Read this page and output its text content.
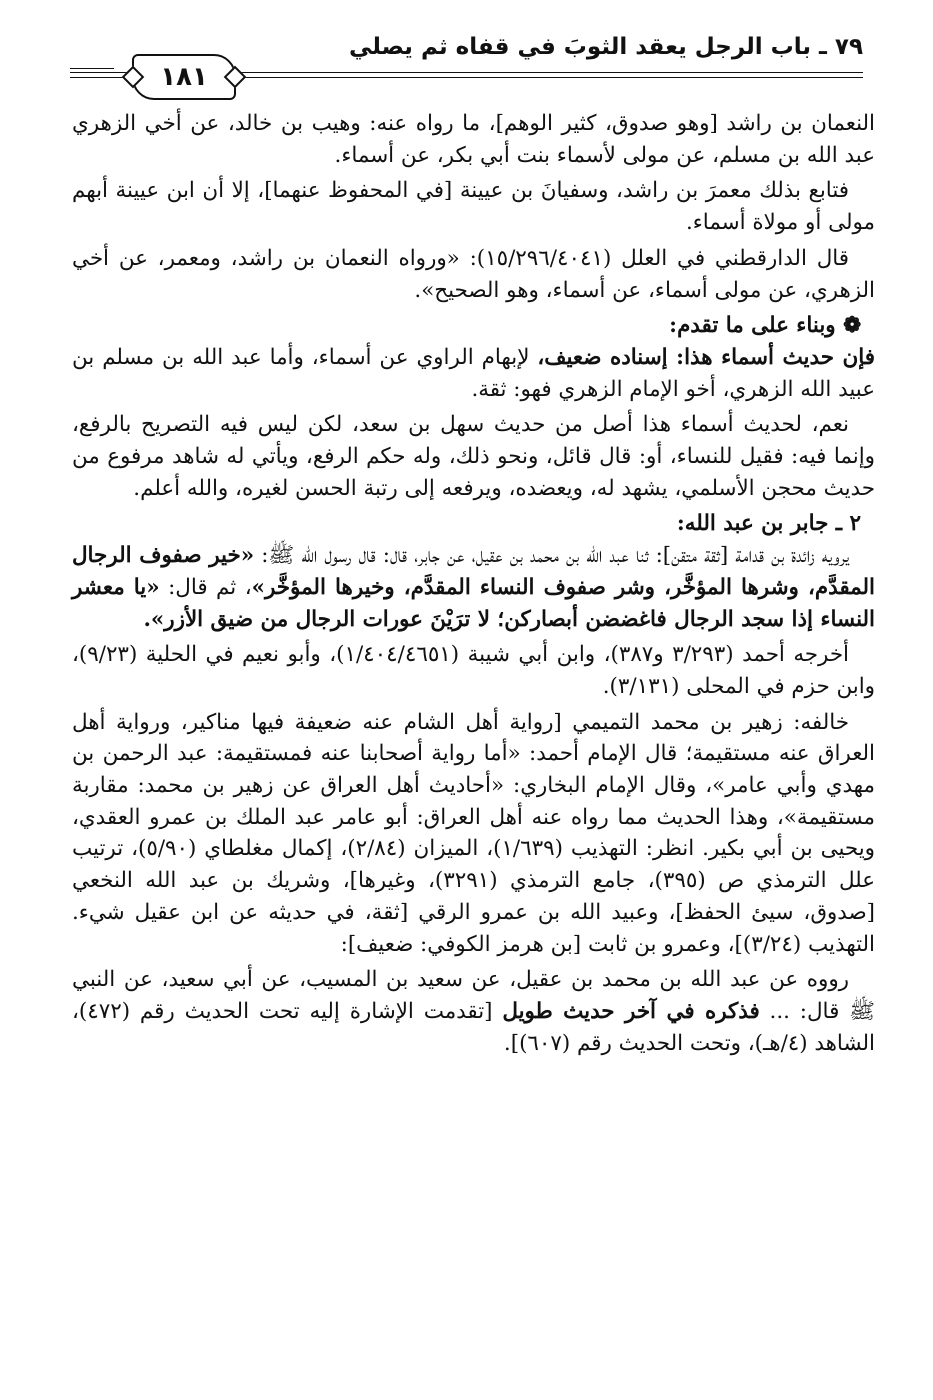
٧٩ ـ باب الرجل يعقد الثوبَ في قفاه ثم يصلي
١٨١

النعمان بن راشد [وهو صدوق، كثير الوهم]، ما رواه عنه: وهيب بن خالد، عن أخي الزهري عبد الله بن مسلم، عن مولى لأسماء بنت أبي بكر، عن أسماء.

فتابع بذلك معمرَ بن راشد، وسفيانَ بن عيينة [في المحفوظ عنهما]، إلا أن ابن عيينة أبهم مولى أو مولاة أسماء.

قال الدارقطني في العلل (١٥/٢٩٦/٤٠٤١): «ورواه النعمان بن راشد، ومعمر، عن أخي الزهري، عن مولى أسماء، عن أسماء، وهو الصحيح».

❁ وبناء على ما تقدم:

فإن حديث أسماء هذا: إسناده ضعيف، لإبهام الراوي عن أسماء، وأما عبد الله بن مسلم بن عبيد الله الزهري، أخو الإمام الزهري فهو: ثقة.

نعم، لحديث أسماء هذا أصل من حديث سهل بن سعد، لكن ليس فيه التصريح بالرفع، وإنما فيه: فقيل للنساء، أو: قال قائل، ونحو ذلك، وله حكم الرفع، ويأتي له شاهد مرفوع من حديث محجن الأسلمي، يشهد له، ويعضده، ويرفعه إلى رتبة الحسن لغيره، والله أعلم.

٢ ـ جابر بن عبد الله:

يرويه زائدة بن قدامة [ثقة متقن]: ثنا عبد الله بن محمد بن عقيل، عن جابر، قال: قال رسول الله ﷺ: «خير صفوف الرجال المقدَّم، وشرها المؤخَّر، وشر صفوف النساء المقدَّم، وخيرها المؤخَّر»، ثم قال: «يا معشر النساء إذا سجد الرجال فاغضضن أبصاركن؛ لا ترَيْنَ عورات الرجال من ضيق الأزر».

أخرجه أحمد (٣/٢٩٣ و٣٨٧)، وابن أبي شيبة (١/٤٠٤/٤٦٥١)، وأبو نعيم في الحلية (٩/٢٣)، وابن حزم في المحلى (٣/١٣١).

خالفه: زهير بن محمد التميمي [رواية أهل الشام عنه ضعيفة فيها مناكير، ورواية أهل العراق عنه مستقيمة؛ قال الإمام أحمد: «أما رواية أصحابنا عنه فمستقيمة: عبد الرحمن بن مهدي وأبي عامر»، وقال الإمام البخاري: «أحاديث أهل العراق عن زهير بن محمد: مقاربة مستقيمة»، وهذا الحديث مما رواه عنه أهل العراق: أبو عامر عبد الملك بن عمرو العقدي، ويحيى بن أبي بكير. انظر: التهذيب (١/٦٣٩)، الميزان (٢/٨٤)، إكمال مغلطاي (٥/٩٠)، ترتيب علل الترمذي ص (٣٩٥)، جامع الترمذي (٣٢٩١)، وغيرها]، وشريك بن عبد الله النخعي [صدوق، سيئ الحفظ]، وعبيد الله بن عمرو الرقي [ثقة، في حديثه عن ابن عقيل شيء. التهذيب (٣/٢٤)]، وعمرو بن ثابت [بن هرمز الكوفي: ضعيف]:

رووه عن عبد الله بن محمد بن عقيل، عن سعيد بن المسيب، عن أبي سعيد، عن النبي ﷺ قال: ... فذكره في آخر حديث طويل [تقدمت الإشارة إليه تحت الحديث رقم (٤٧٢)، الشاهد (٤/هـ)، وتحت الحديث رقم (٦٠٧)].
